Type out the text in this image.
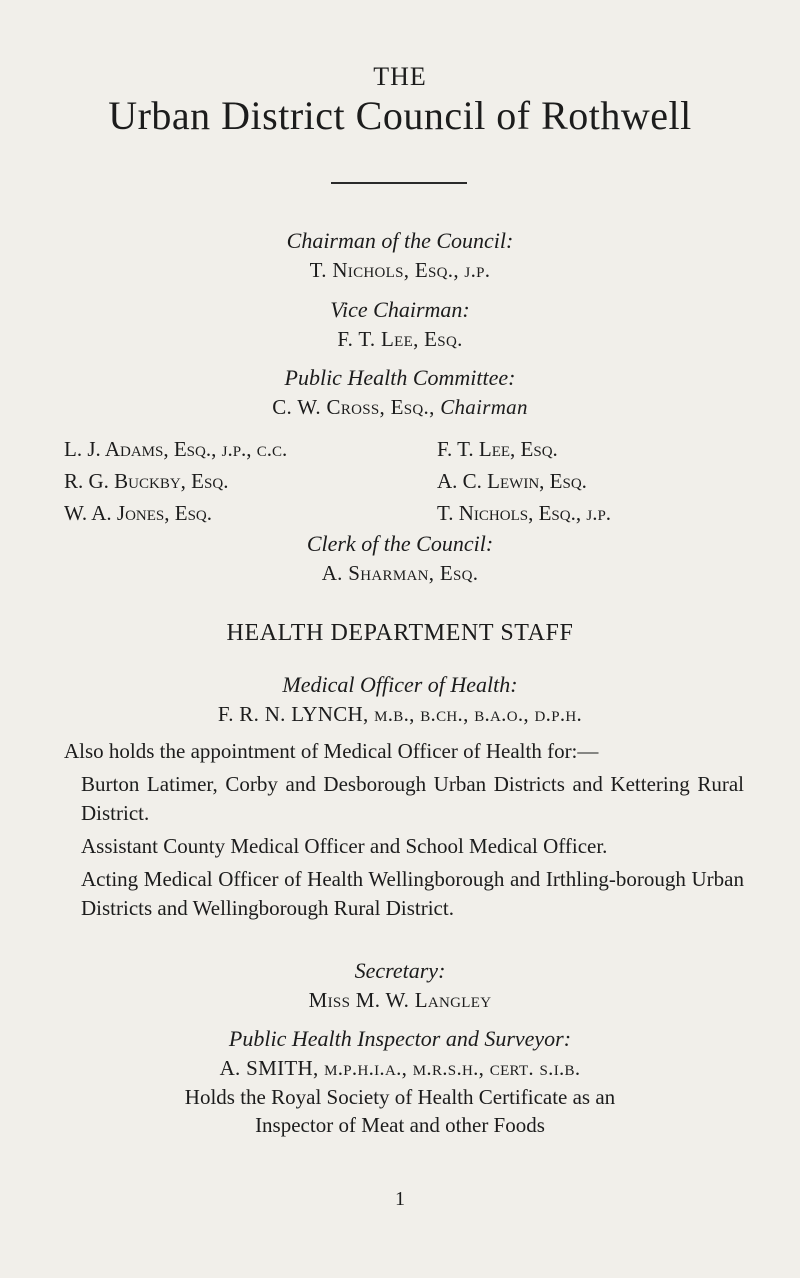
THE
Urban District Council of Rothwell
Chairman of the Council:
T. Nichols, Esq., j.p.
Vice Chairman:
F. T. Lee, Esq.
Public Health Committee:
C. W. Cross, Esq., Chairman
L. J. Adams, Esq., j.p., c.c.	F. T. Lee, Esq.
R. G. Buckby, Esq.	A. C. Lewin, Esq.
W. A. Jones, Esq.	T. Nichols, Esq., j.p.
Clerk of the Council:
A. Sharman, Esq.
HEALTH DEPARTMENT STAFF
Medical Officer of Health:
F. R. N. LYNCH, m.b., b.ch., b.a.o., d.p.h.
Also holds the appointment of Medical Officer of Health for:—
Burton Latimer, Corby and Desborough Urban Districts and Kettering Rural District.
Assistant County Medical Officer and School Medical Officer.
Acting Medical Officer of Health Wellingborough and Irthling-borough Urban Districts and Wellingborough Rural District.
Secretary:
Miss M. W. Langley
Public Health Inspector and Surveyor:
A. SMITH, m.p.h.i.a., m.r.s.h., cert. s.i.b.
Holds the Royal Society of Health Certificate as an
Inspector of Meat and other Foods
1
